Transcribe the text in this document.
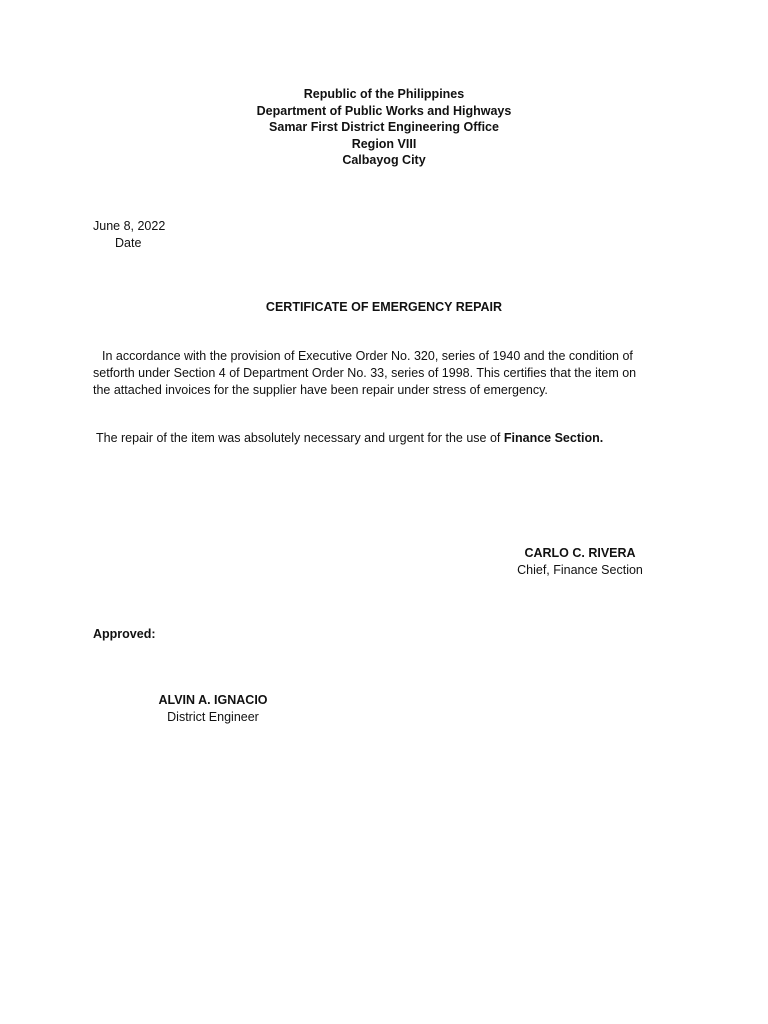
Republic of the Philippines
Department of Public Works and Highways
Samar First District Engineering Office
Region VIII
Calbayog City
June 8, 2022
Date
CERTIFICATE OF EMERGENCY REPAIR
In accordance with the provision of Executive Order No. 320, series of 1940 and the condition of
setforth under Section 4 of Department Order No. 33, series of 1998. This certifies that the item on
the attached invoices for the supplier have been repair under stress of emergency.
The repair of the item was absolutely necessary and urgent for the use of Finance Section.
CARLO C. RIVERA
Chief, Finance Section
Approved:
ALVIN A. IGNACIO
District Engineer
